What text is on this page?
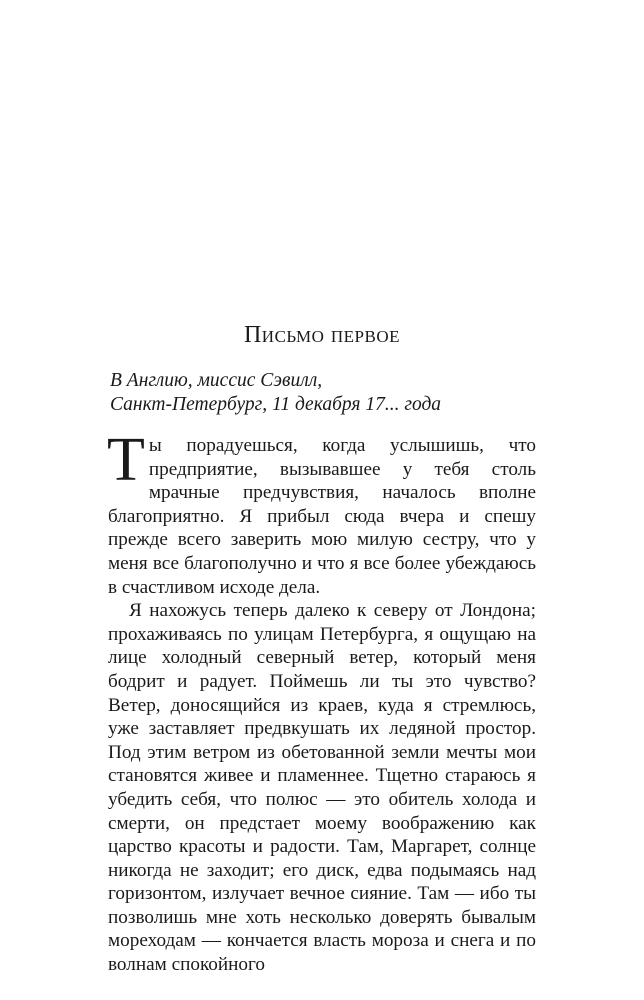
Письмо первое
В Англию, миссис Сэвилл,
Санкт-Петербург, 11 декабря 17... года

Ты порадуешься, когда услышишь, что предприятие, вызывавшее у тебя столь мрачные предчувствия, началось вполне благоприятно. Я прибыл сюда вчера и спешу прежде всего заверить мою милую сестру, что у меня все благополучно и что я все более убеждаюсь в счастливом исходе дела.

Я нахожусь теперь далеко к северу от Лондона; прохаживаясь по улицам Петербурга, я ощущаю на лице холодный северный ветер, который меня бодрит и радует. Поймешь ли ты это чувство? Ветер, доносящийся из краев, куда я стремлюсь, уже заставляет предвкушать их ледяной простор. Под этим ветром из обетованной земли мечты мои становятся живее и пламеннее. Тщетно стараюсь я убедить себя, что полюс — это обитель холода и смерти, он предстает моему воображению как царство красоты и радости. Там, Маргарет, солнце никогда не заходит; его диск, едва подымаясь над горизонтом, излучает вечное сияние. Там — ибо ты позволишь мне хоть несколько доверять бывалым мореходам — кончается власть мороза и снега и по волнам спокойного
